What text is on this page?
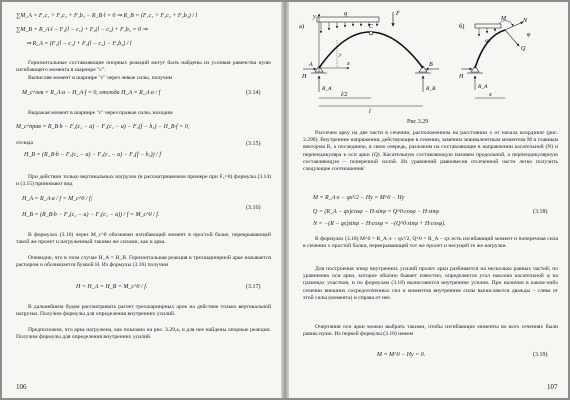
∑M_A = F₁c₁ + F₂c₂ + F₃b₃ − R_B·l = 0 ⇒ R_B = (F₁c₁ + F₂c₂ + F₃b₃) / l
∑M_B = R_A·l − F₁(l − c₁) + F₂(l − c₂) + F₃b₃ = 0 ⇒
⇒ R_A = (F₁(l − c₁) + F₂(l − c₂) − F₃b₃) / l
Горизонтальные составляющие опорных реакций могут быть найдены из условия равенства нулю изгибающего момента в шарнире "c".
Вычисляя момент в шарнире "c" через левые силы, получим
M_c^лев = R_A·a − H_A·f = 0, отсюда H_A = R_A·a / f	(3.14)
Выражая момент в шарнире "c" через правые силы, находим
M_c^прав = R_B·b − F₂(c₂ − a) − F₁(c₁ − a) − F₃(f − h₃) − H_B·f = 0,
отсюда
H_B = (R_B·b − F₂(c₂ − a) − F₁(c₁ − a) − F₃(f − h₃)) / f
(3.15)
При действии только вертикальных нагрузок (в рассматриваемом примере при F₃=0) формулы (3.14) и (3.15) принимают вид
H_A = R_A·a / f = M_c^0 / f;
H_B = (R_B·b − F₂(c₂ − a) − F₁(c₁ − a)) / f = M_c^0 / f.
(3.16)
В формулах (3.16) через M_c^0 обозначен изгибающий момент в простой балке, перекрывающей такой же пролет и нагруженный такими же силами, как и арка.
Очевидно, что в этом случае H_A = H_B. Горизонтальная реакция в трехшарнирной арке называется распором и обозначается буквой H. Из формулы (3.16) получим
H = H_A = H_B = M_c^0 / f.	(3.17)
В дальнейшем будем рассматривать расчет трехшарнирных арок на действие только вертикальной нагрузки. Получим формулы для определения внутренних усилий.
Предположим, что арка нагружена, как показано на рис. 3.29,а, и для нее найдены опорные реакции. Получим формулы для определения внутренних усилий.
106
а)
q	F
y
C
A	B
H
R_A	R_B
x
y
l/2
l
б)
N
Q
φ
M
H
R_A
qx
x
Рис.3.29
Рассечем арку на две части в сечении, расположенном на расстоянии x от начала координат (рис. 3.29б). Внутренние напряжения, действующие в сечении, заменим эквивалентным моментом M и главным вектором R, а последнюю, в свою очередь, разложим на составляющие в направлении касательной (N) и перпендикуляра к оси арки (Q). Касательную составляющую назовем продольной, а перпендикулярную составляющую – поперечной силой. Из уравнений равновесия отсеченной части легко получить следующие соотношения:
M = R_A·x − qx²/2 − Hy = M^0 − Hy
Q = (R_A − qx)cosφ − H·sinφ = Q^0·cosφ − H·sinφ
N = −(R − qx)sinφ − H·cosφ = −(Q^0·sinφ + H·cosφ).
(3.18)
В формулах (3.18) M^0 = R_A·x − qx²/2, Q^0 = R_A − qx есть изгибающий момент и поперечная сила в сечении x простой балки, перекрывающей тот же пролет и несущей те же нагрузки.
Для построения эпюр внутренних усилий пролет арки разбивается на несколько равных частей; по уравнению оси арки, которое обычно бывает известно, определяется угол наклона касательной φ на границах участков, и по формулам (3.18) вычисляются внутренние усилия. При наличии в каком-либо сечении внешних сосредоточенных сил и моментов внутренние силы вычисляются дважды – слева от этой силы (момента) и справа от нее.
Очертания оси арки можно выбрать такими, чтобы изгибающие моменты во всех сечениях были равны нулю. Из первой формулы (3.18) имеем
M = M^0 − Hy = 0.	(3.19)
107
